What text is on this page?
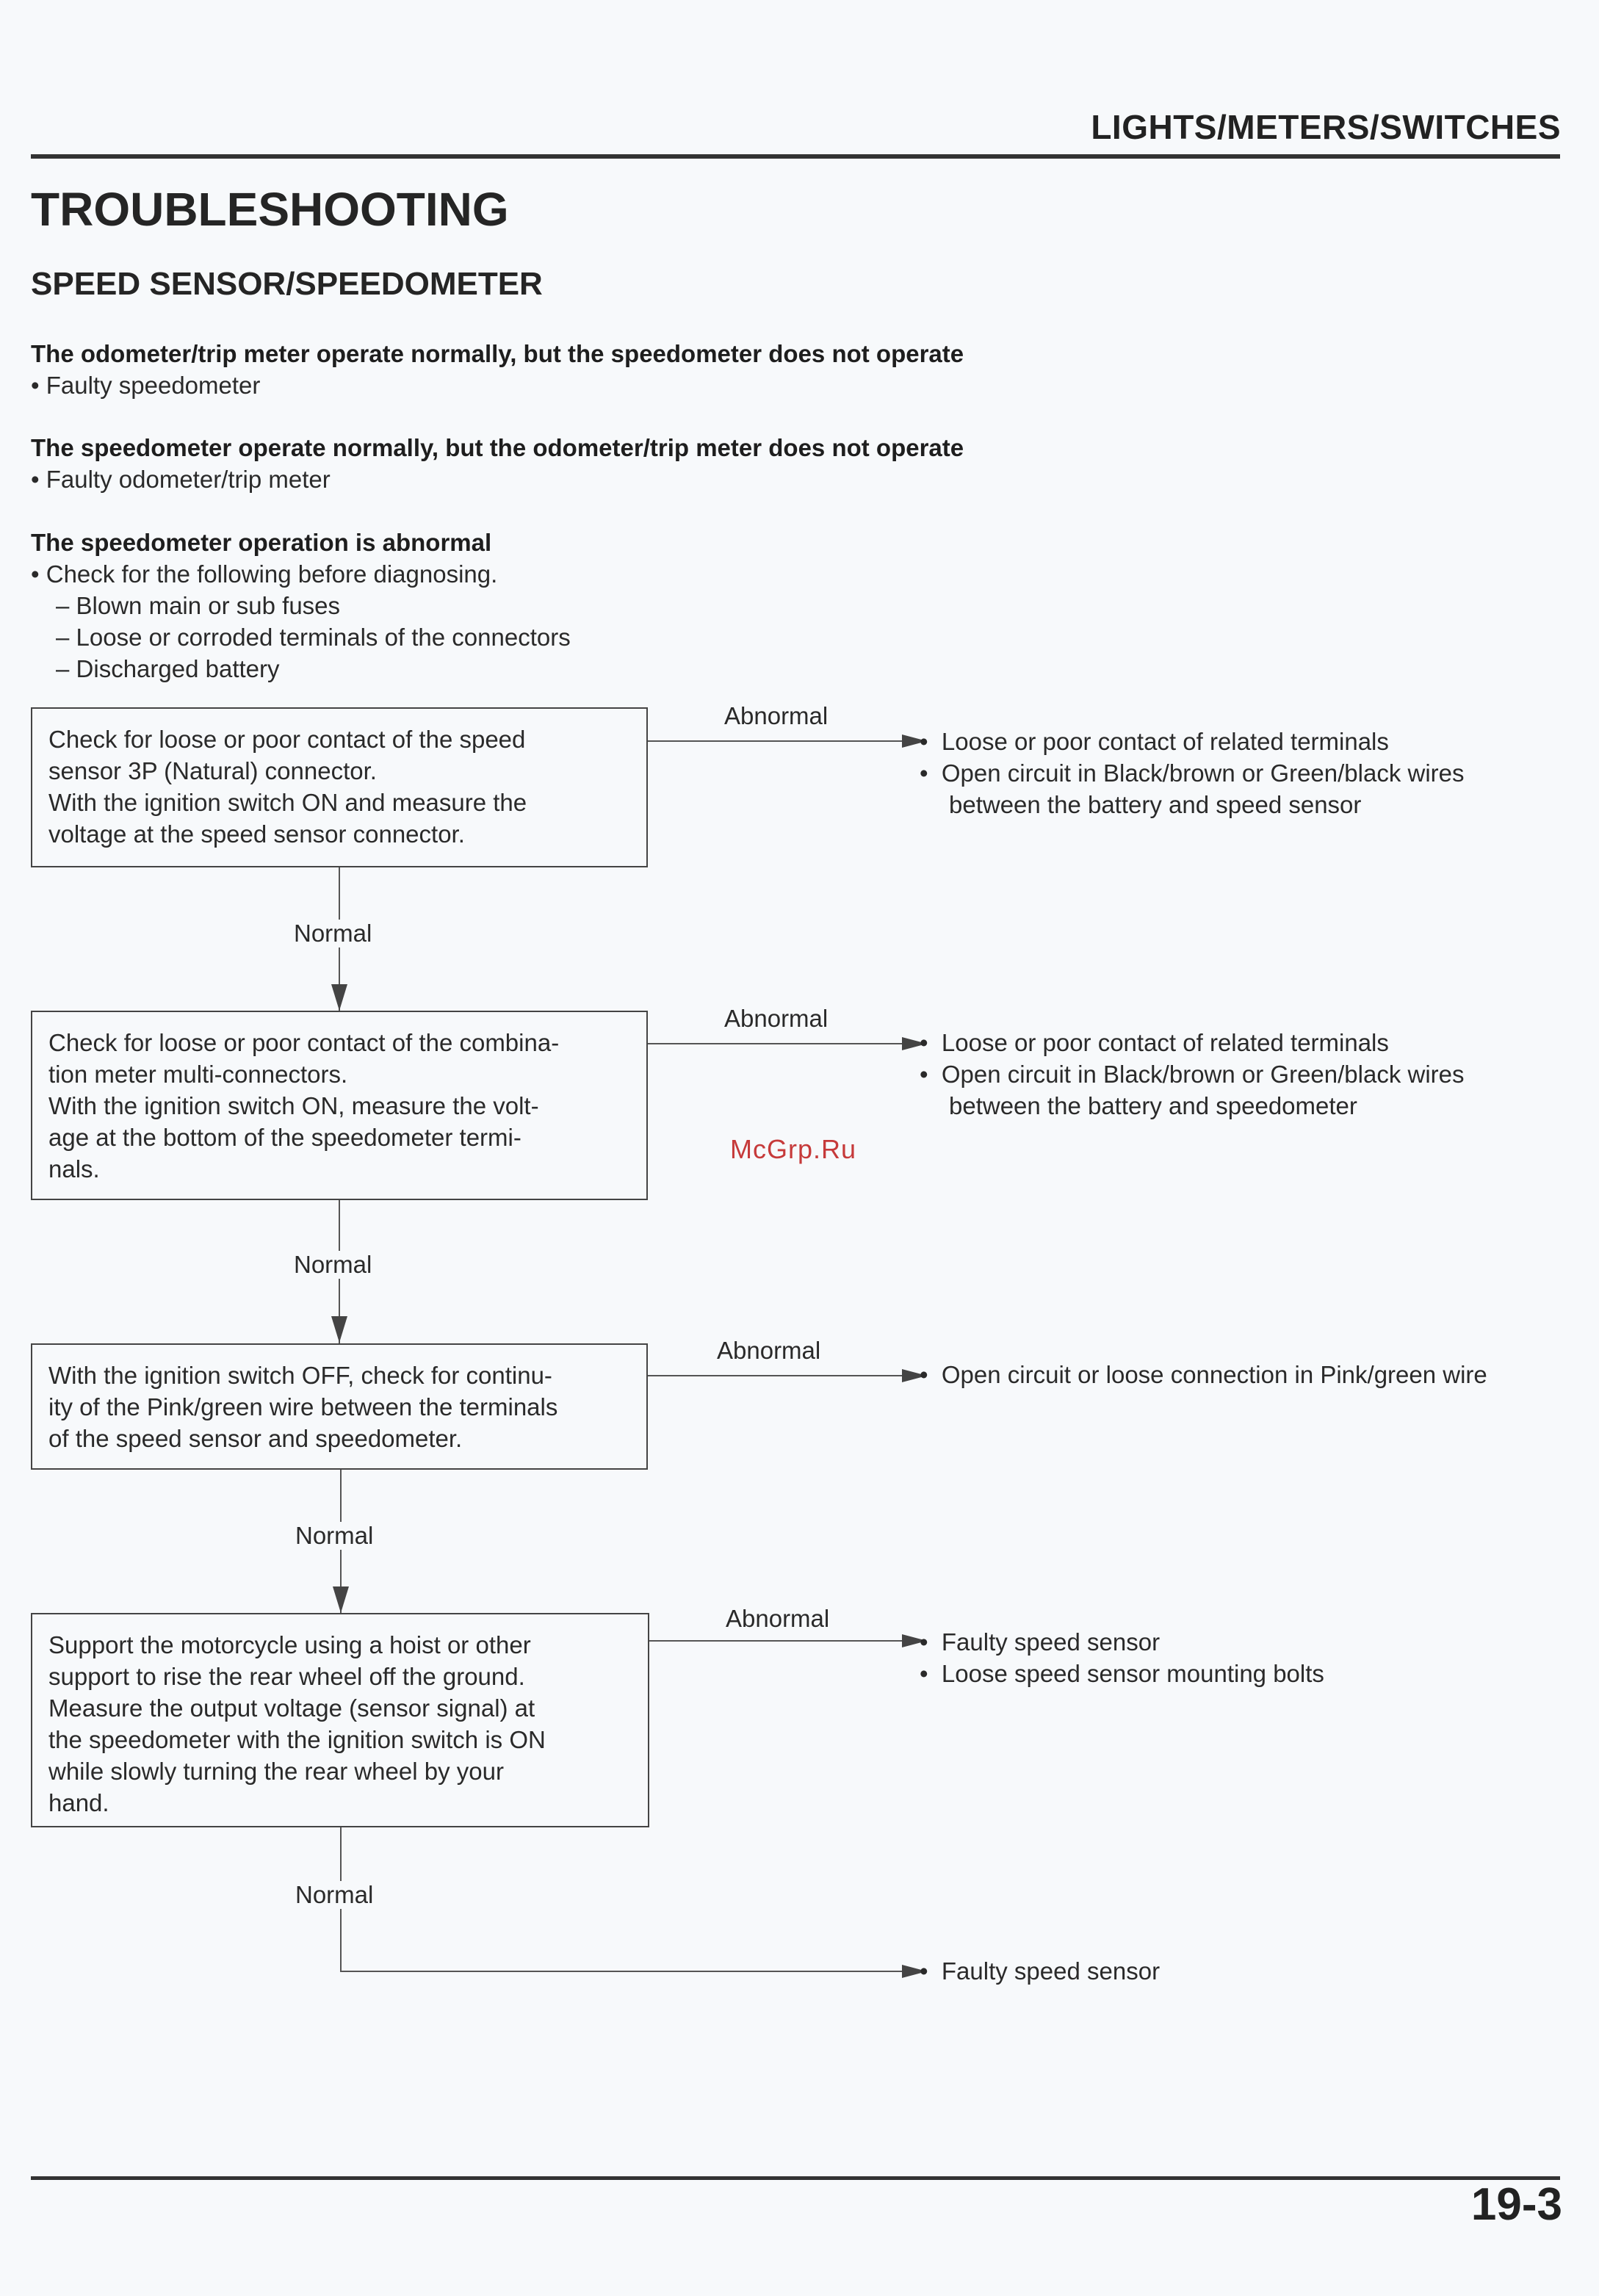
LIGHTS/METERS/SWITCHES
TROUBLESHOOTING
SPEED SENSOR/SPEEDOMETER
The odometer/trip meter operate normally, but the speedometer does not operate
• Faulty speedometer
The speedometer operate normally, but the odometer/trip meter does not operate
• Faulty odometer/trip meter
The speedometer operation is abnormal
• Check for the following before diagnosing.
– Blown main or sub fuses
– Loose or corroded terminals of the connectors
– Discharged battery
Check for loose or poor contact of the speed
sensor 3P (Natural) connector.
With the ignition switch ON and measure the
voltage at the speed sensor connector.
Abnormal
•  Loose or poor contact of related terminals
•  Open circuit in Black/brown or Green/black wires between the battery and speed sensor
Normal
Check for loose or poor contact of the combina-
tion meter multi-connectors.
With the ignition switch ON, measure the volt-
age at the bottom of the speedometer termi-
nals.
Abnormal
•  Loose or poor contact of related terminals
•  Open circuit in Black/brown or Green/black wires between the battery and speedometer
McGrp.Ru
Normal
With the ignition switch OFF, check for continu-
ity of the Pink/green wire between the terminals
of the speed sensor and speedometer.
Abnormal
•  Open circuit or loose connection in Pink/green wire
Normal
Support the motorcycle using a hoist or other
support to rise the rear wheel off the ground.
Measure the output voltage (sensor signal) at
the speedometer with the ignition switch is ON
while slowly turning the rear wheel by your
hand.
Abnormal
•  Faulty speed sensor
•  Loose speed sensor mounting bolts
Normal
•  Faulty speed sensor
19-3
